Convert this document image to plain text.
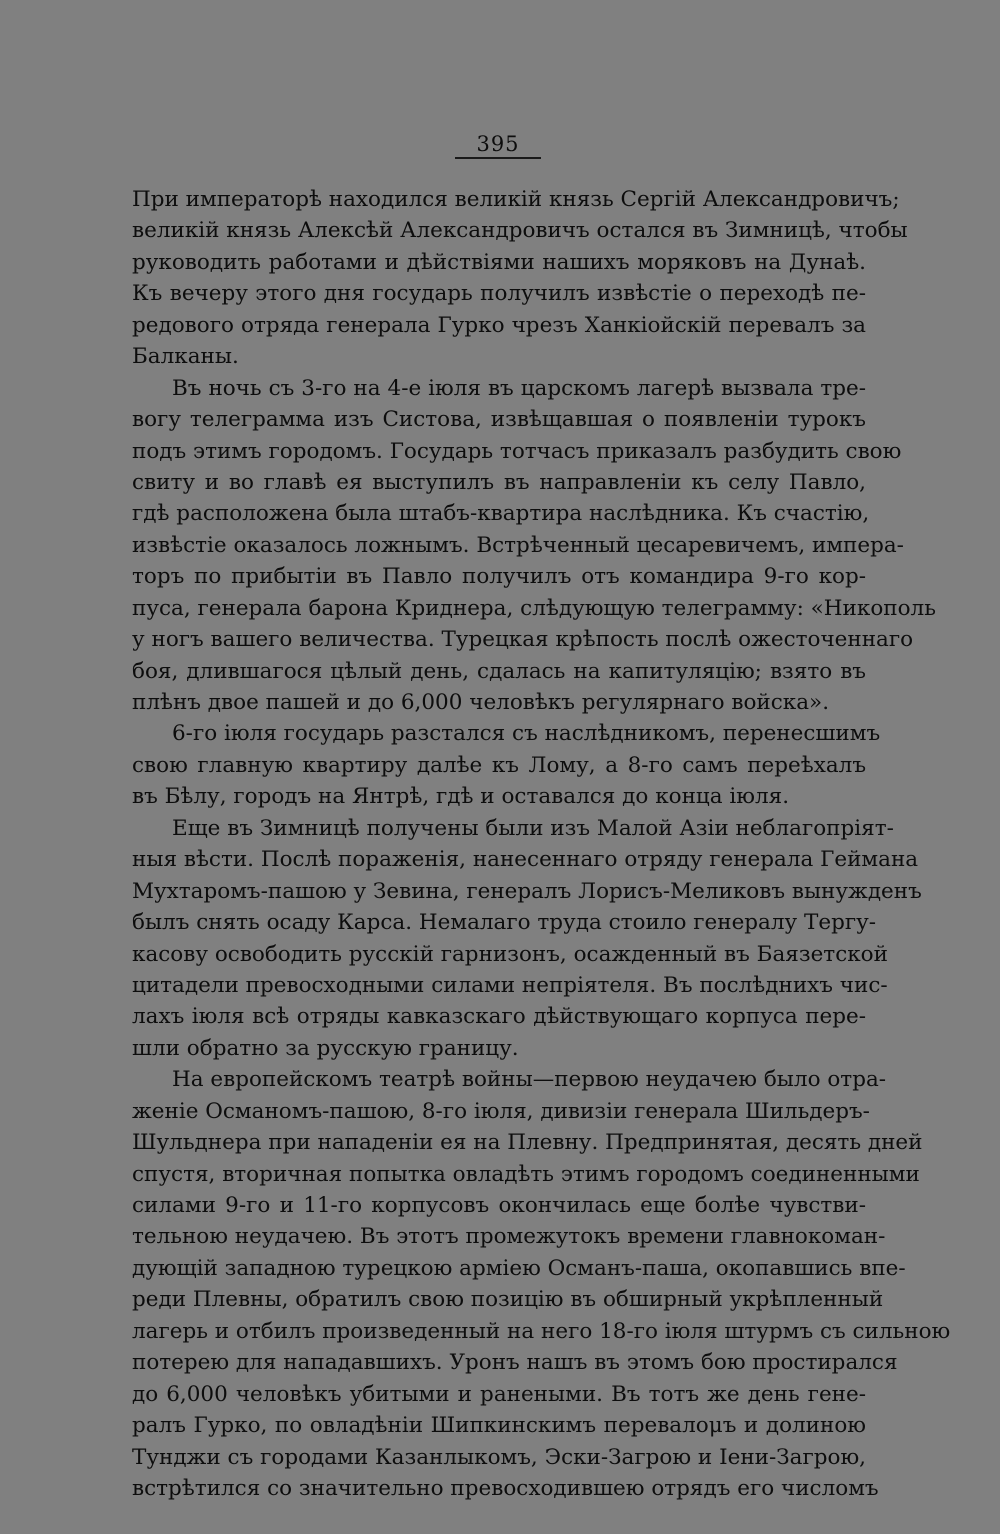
395
При императорѣ находился великій князь Сергій Александровичъ;
великій князь Алексѣй Александровичъ остался въ Зимницѣ, чтобы
руководить работами и дѣйствіями нашихъ моряковъ на Дунаѣ.
Къ вечеру этого дня государь получилъ извѣстіе о переходѣ пе-
редового отряда генерала Гурко чрезъ Ханкіойскій перевалъ за
Балканы.
Въ ночь съ 3-го на 4-е іюля въ царскомъ лагерѣ вызвала тре-
вогу телеграмма изъ Систова, извѣщавшая о появленіи турокъ
подъ этимъ городомъ. Государь тотчасъ приказалъ разбудить свою
свиту и во главѣ ея выступилъ въ направленіи къ селу Павло,
гдѣ расположена была штабъ-квартира наслѣдника. Къ счастію,
извѣстіе оказалось ложнымъ. Встрѣченный цесаревичемъ, импера-
торъ по прибытіи въ Павло получилъ отъ командира 9-го кор-
пуса, генерала барона Криднера, слѣдующую телеграмму: «Никополь
у ногъ вашего величества. Турецкая крѣпость послѣ ожесточеннаго
боя, длившагося цѣлый день, сдалась на капитуляцію; взято въ
плѣнъ двое пашей и до 6,000 человѣкъ регулярнаго войска».
6-го іюля государь разстался съ наслѣдникомъ, перенесшимъ
свою главную квартиру далѣе къ Лому, а 8-го самъ переѣхалъ
въ Бѣлу, городъ на Янтрѣ, гдѣ и оставался до конца іюля.
Еще въ Зимницѣ получены были изъ Малой Азіи неблагопріят-
ныя вѣсти. Послѣ пораженія, нанесеннаго отряду генерала Геймана
Мухтаромъ-пашою у Зевина, генералъ Лорисъ-Меликовъ вынужденъ
былъ снять осаду Карса. Немалаго труда стоило генералу Тергу-
касову освободить русскій гарнизонъ, осажденный въ Баязетской
цитадели превосходными силами непріятеля. Въ послѣднихъ чис-
лахъ іюля всѣ отряды кавказскаго дѣйствующаго корпуса пере-
шли обратно за русскую границу.
На европейскомъ театрѣ войны—первою неудачею было отра-
женіе Османомъ-пашою, 8-го іюля, дивизіи генерала Шильдеръ-
Шульднера при нападеніи ея на Плевну. Предпринятая, десять дней
спустя, вторичная попытка овладѣть этимъ городомъ соединенными
силами 9-го и 11-го корпусовъ окончилась еще болѣе чувстви-
тельною неудачею. Въ этотъ промежутокъ времени главнокоман-
дующій западною турецкою арміею Османъ-паша, окопавшись впе-
реди Плевны, обратилъ свою позицію въ обширный укрѣпленный
лагерь и отбилъ произведенный на него 18-го іюля штурмъ съ сильною
потерею для нападавшихъ. Уронъ нашъ въ этомъ бою простирался
до 6,000 человѣкъ убитыми и ранеными. Въ тотъ же день гене-
ралъ Гурко, по овладѣніи Шипкинскимъ перевалομъ и долиною
Тунджи съ городами Казанлыкомъ, Эски-Загрою и Іени-Загрою,
встрѣтился со значительно превосходившею отрядъ его числомъ
